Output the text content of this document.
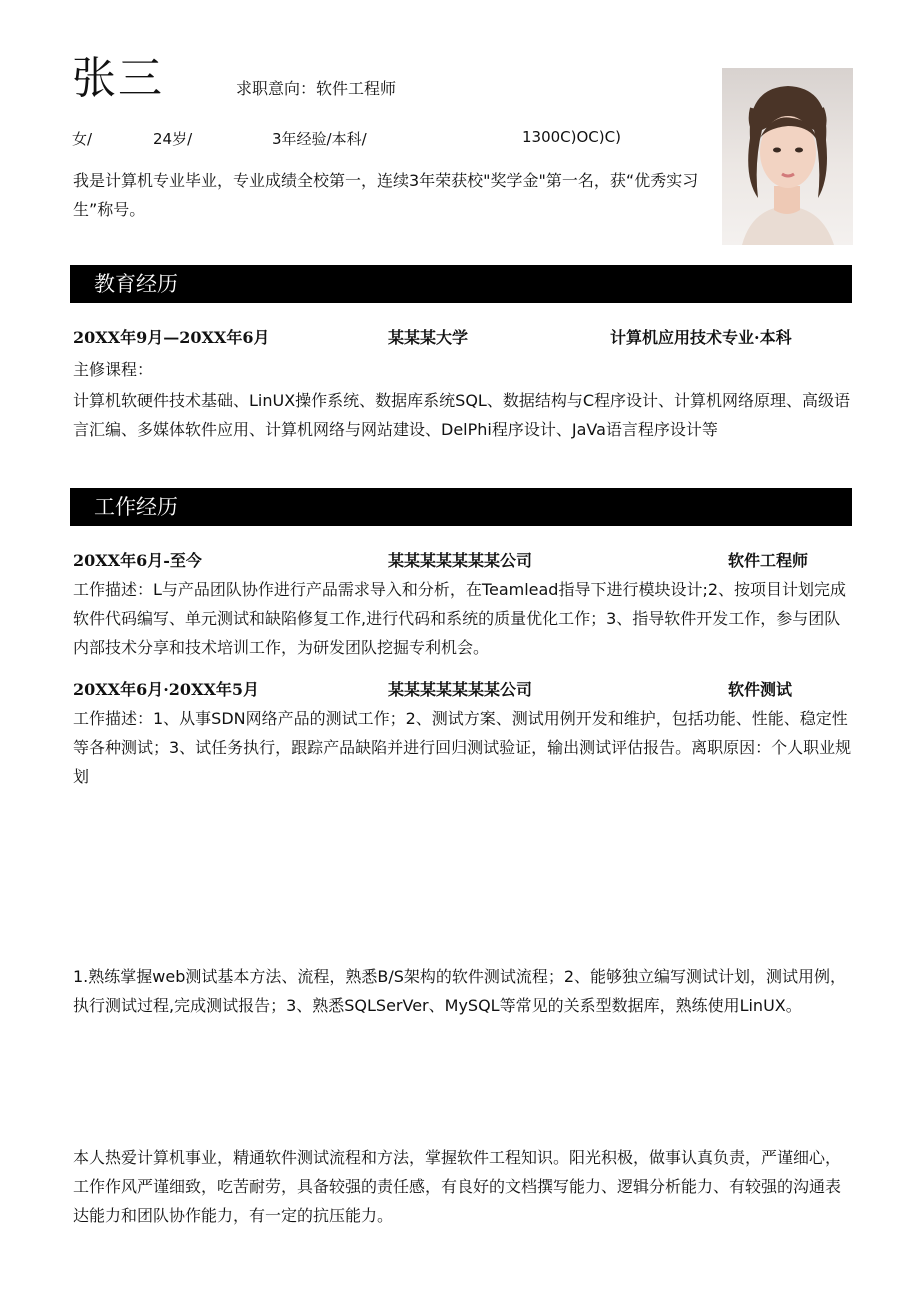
张三	求职意向：软件工程师
女/	24岁/	3年经验/本科/	1300C)OC)C)
我是计算机专业毕业，专业成绩全校第一，连续3年荣获校"奖学金"第一名，获“优秀实习生”称号。
教育经历
20XX年9月—20XX年6月	某某某大学	计算机应用技术专业·本科
主修课程：
计算机软硬件技术基础、LinUX操作系统、数据库系统SQL、数据结构与C程序设计、计算机网络原理、高级语言汇编、多媒体软件应用、计算机网络与网站建设、DelPhi程序设计、JaVa语言程序设计等
工作经历
20XX年6月-至今	某某某某某某某公司	软件工程师
工作描述：L与产品团队协作进行产品需求导入和分析，在Teamlead指导下进行模块设计;2、按项目计划完成软件代码编写、单元测试和缺陷修复工作,进行代码和系统的质量优化工作；3、指导软件开发工作，参与团队内部技术分享和技术培训工作，为研发团队挖掘专利机会。
20XX年6月·20XX年5月	某某某某某某某公司	软件测试
工作描述：1、从事SDN网络产品的测试工作；2、测试方案、测试用例开发和维护，包括功能、性能、稳定性等各种测试；3、试任务执行，跟踪产品缺陷并进行回归测试验证，输出测试评估报告。离职原因：个人职业规划
1.熟练掌握web测试基本方法、流程，熟悉B/S架构的软件测试流程；2、能够独立编写测试计划，测试用例，执行测试过程,完成测试报告；3、熟悉SQLSerVer、MySQL等常见的关系型数据库，熟练使用LinUX。
本人热爱计算机事业，精通软件测试流程和方法，掌握软件工程知识。阳光积极，做事认真负责，严谨细心，工作作风严谨细致，吃苦耐劳，具备较强的责任感，有良好的文档撰写能力、逻辑分析能力、有较强的沟通表达能力和团队协作能力，有一定的抗压能力。
